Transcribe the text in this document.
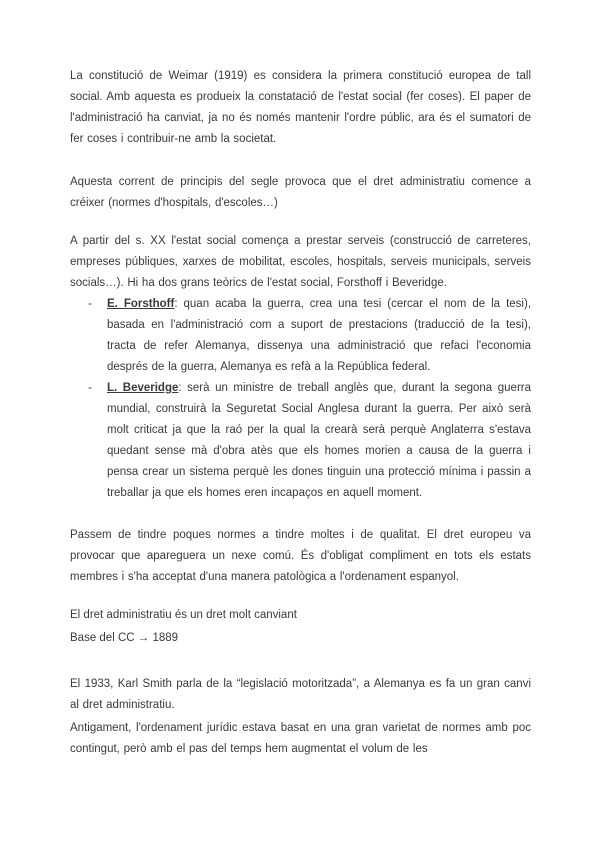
La constitució de Weimar (1919) es considera la primera constitució europea de tall social. Amb aquesta es produeix la constatació de l'estat social (fer coses). El paper de l'administració ha canviat, ja no és només mantenir l'ordre públic, ara és el sumatori de fer coses i contribuir-ne amb la societat.

Aquesta corrent de principis del segle provoca que el dret administratiu comence a créixer (normes d'hospitals, d'escoles…)

A partir del s. XX l'estat social comença a prestar serveis (construcció de carreteres, empreses públiques, xarxes de mobilitat, escoles, hospitals, serveis municipals, serveis socials…). Hi ha dos grans teòrics de l'estat social, Forsthoff i Beveridge.

- E. Forsthoff: quan acaba la guerra, crea una tesi (cercar el nom de la tesi), basada en l'administració com a suport de prestacions (traducció de la tesi), tracta de refer Alemanya, dissenya una administració que refaci l'economia després de la guerra, Alemanya es refà a la República federal.
- L. Beveridge: serà un ministre de treball anglès que, durant la segona guerra mundial, construirà la Seguretat Social Anglesa durant la guerra. Per això serà molt criticat ja que la raó per la qual la crearà serà perquè Anglaterra s'estava quedant sense mà d'obra atès que els homes morien a causa de la guerra i pensa crear un sistema perquè les dones tinguin una protecció mínima i passin a treballar ja que els homes eren incapaços en aquell moment.

Passem de tindre poques normes a tindre moltes i de qualitat. El dret europeu va provocar que apareguera un nexe comú. És d'obligat compliment en tots els estats membres i s'ha acceptat d'una manera patològica a l'ordenament espanyol.

El dret administratiu és un dret molt canviant
Base del CC → 1889

El 1933, Karl Smith parla de la “legislació motoritzada”, a Alemanya es fa un gran canvi al dret administratiu.

Antigament, l'ordenament jurídic estava basat en una gran varietat de normes amb poc contingut, però amb el pas del temps hem augmentat el volum de les
